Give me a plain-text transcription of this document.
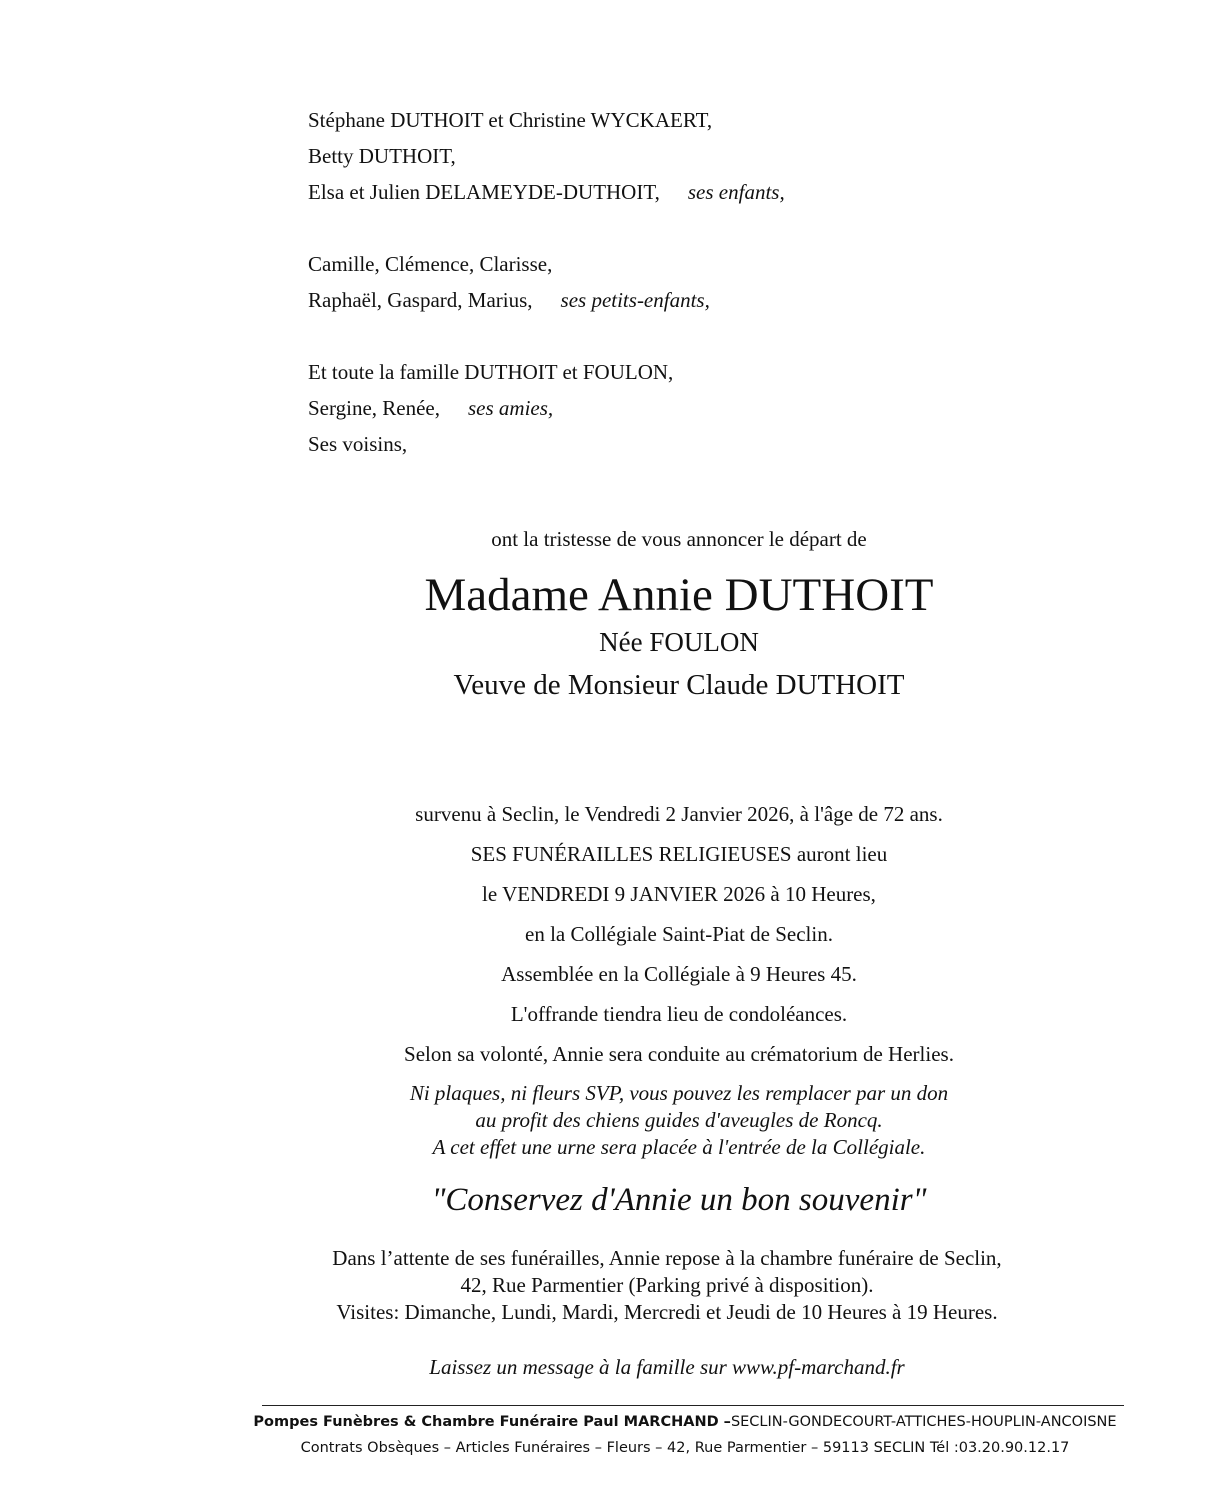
Stéphane DUTHOIT et Christine WYCKAERT,
Betty DUTHOIT,
Elsa et Julien DELAMEYDE-DUTHOIT, ses enfants,
Camille, Clémence, Clarisse,
Raphaël, Gaspard, Marius, ses petits-enfants,
Et toute la famille DUTHOIT et FOULON,
Sergine, Renée, ses amies,
Ses voisins,
ont la tristesse de vous annoncer le départ de
Madame Annie DUTHOIT
Née FOULON
Veuve de Monsieur Claude DUTHOIT
survenu à Seclin, le Vendredi 2 Janvier 2026, à l'âge de 72 ans.
SES FUNÉRAILLES RELIGIEUSES auront lieu
le VENDREDI 9 JANVIER 2026 à 10 Heures,
en la Collégiale Saint-Piat de Seclin.
Assemblée en la Collégiale à 9 Heures 45.
L'offrande tiendra lieu de condoléances.
Selon sa volonté, Annie sera conduite au crématorium de Herlies.
Ni plaques, ni fleurs SVP, vous pouvez les remplacer par un don
au profit des chiens guides d'aveugles de Roncq.
A cet effet une urne sera placée à l'entrée de la Collégiale.
"Conservez d'Annie un bon souvenir"
Dans l’attente de ses funérailles, Annie repose à la chambre funéraire de Seclin,
42, Rue Parmentier (Parking privé à disposition).
Visites: Dimanche, Lundi, Mardi, Mercredi et Jeudi de 10 Heures à 19 Heures.
Laissez un message à la famille sur www.pf-marchand.fr
Pompes Funèbres & Chambre Funéraire Paul MARCHAND –SECLIN-GONDECOURT-ATTICHES-HOUPLIN-ANCOISNE
Contrats Obsèques – Articles Funéraires – Fleurs – 42, Rue Parmentier – 59113 SECLIN Tél :03.20.90.12.17
